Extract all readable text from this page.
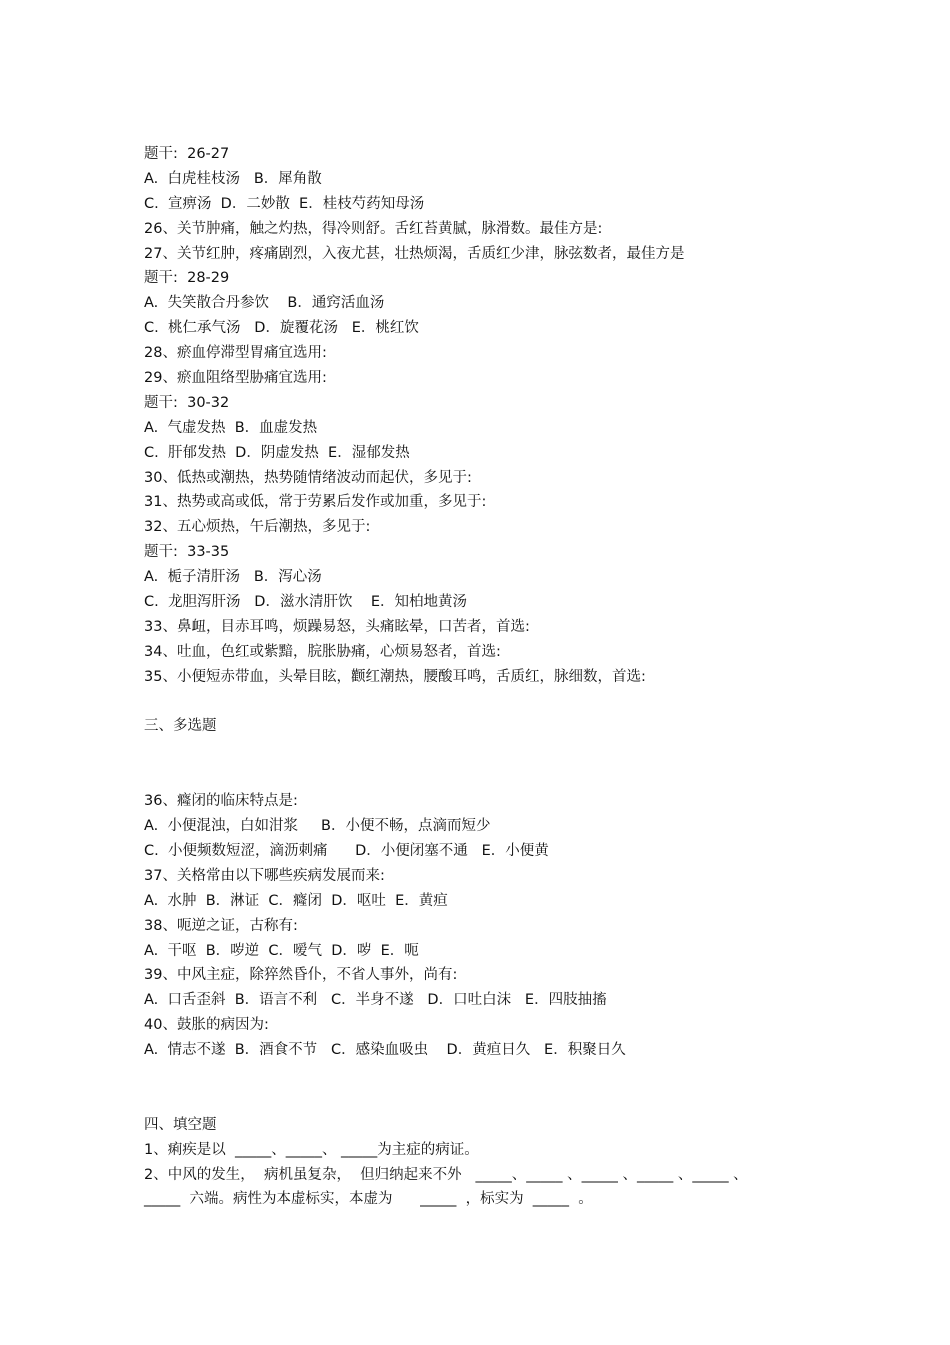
题干:  26-27
A.  白虎桂枝汤   B．犀角散
C.  宣痹汤  D．二妙散  E．桂枝芍药知母汤
26、关节肿痛，触之灼热，得冷则舒。舌红苔黄腻，脉滑数。最佳方是:
27、关节红肿，疼痛剧烈，入夜尤甚，壮热烦渴，舌质红少津，脉弦数者，最佳方是
题干:  28-29
A.  失笑散合丹参饮    B．通窍活血汤
C.  桃仁承气汤   D．旋覆花汤   E．桃红饮
28、瘀血停滞型胃痛宜选用:
29、瘀血阻络型胁痛宜选用:
题干:  30-32
A.  气虚发热  B．血虚发热
C.  肝郁发热  D．阴虚发热  E．湿郁发热
30、低热或潮热，热势随情绪波动而起伏，多见于:
31、热势或高或低，常于劳累后发作或加重，多见于:
32、五心烦热，午后潮热，多见于:
题干:  33-35
A.  栀子清肝汤   B．泻心汤
C.  龙胆泻肝汤   D．滋水清肝饮    E．知柏地黄汤
33、鼻衄，目赤耳鸣，烦躁易怒，头痛眩晕，口苦者，首选:
34、吐血，色红或紫黯，脘胀胁痛，心烦易怒者，首选:
35、小便短赤带血，头晕目眩，颧红潮热，腰酸耳鸣，舌质红，脉细数，首选:
三、多选题
36、癃闭的临床特点是:
A.  小便混浊，白如泔浆     B．小便不畅，点滴而短少
C.  小便频数短涩，滴沥刺痛      D．小便闭塞不通   E．小便黄
37、关格常由以下哪些疾病发展而来:
A.  水肿  B．淋证  C．癃闭  D．呕吐  E．黄疸
38、呃逆之证，古称有:
A.  干呕  B．哕逆  C．嗳气  D．哕  E．呃
39、中风主症，除猝然昏仆，不省人事外，尚有:
A.  口舌歪斜  B．语言不利   C．半身不遂   D．口吐白沫   E．四肢抽搐
40、鼓胀的病因为:
A.  情志不遂  B．酒食不节   C．感染血吸虫    D．黄疸日久   E．积聚日久
四、填空题
1、痢疾是以  _____、_____、 _____为主症的病证。
2、中风的发生，  病机虽复杂，  但归纳起来不外   _____、_____ 、_____ 、_____ 、_____ 、
_____  六端。病性为本虚标实，本虚为      _____  ，标实为  _____  。
